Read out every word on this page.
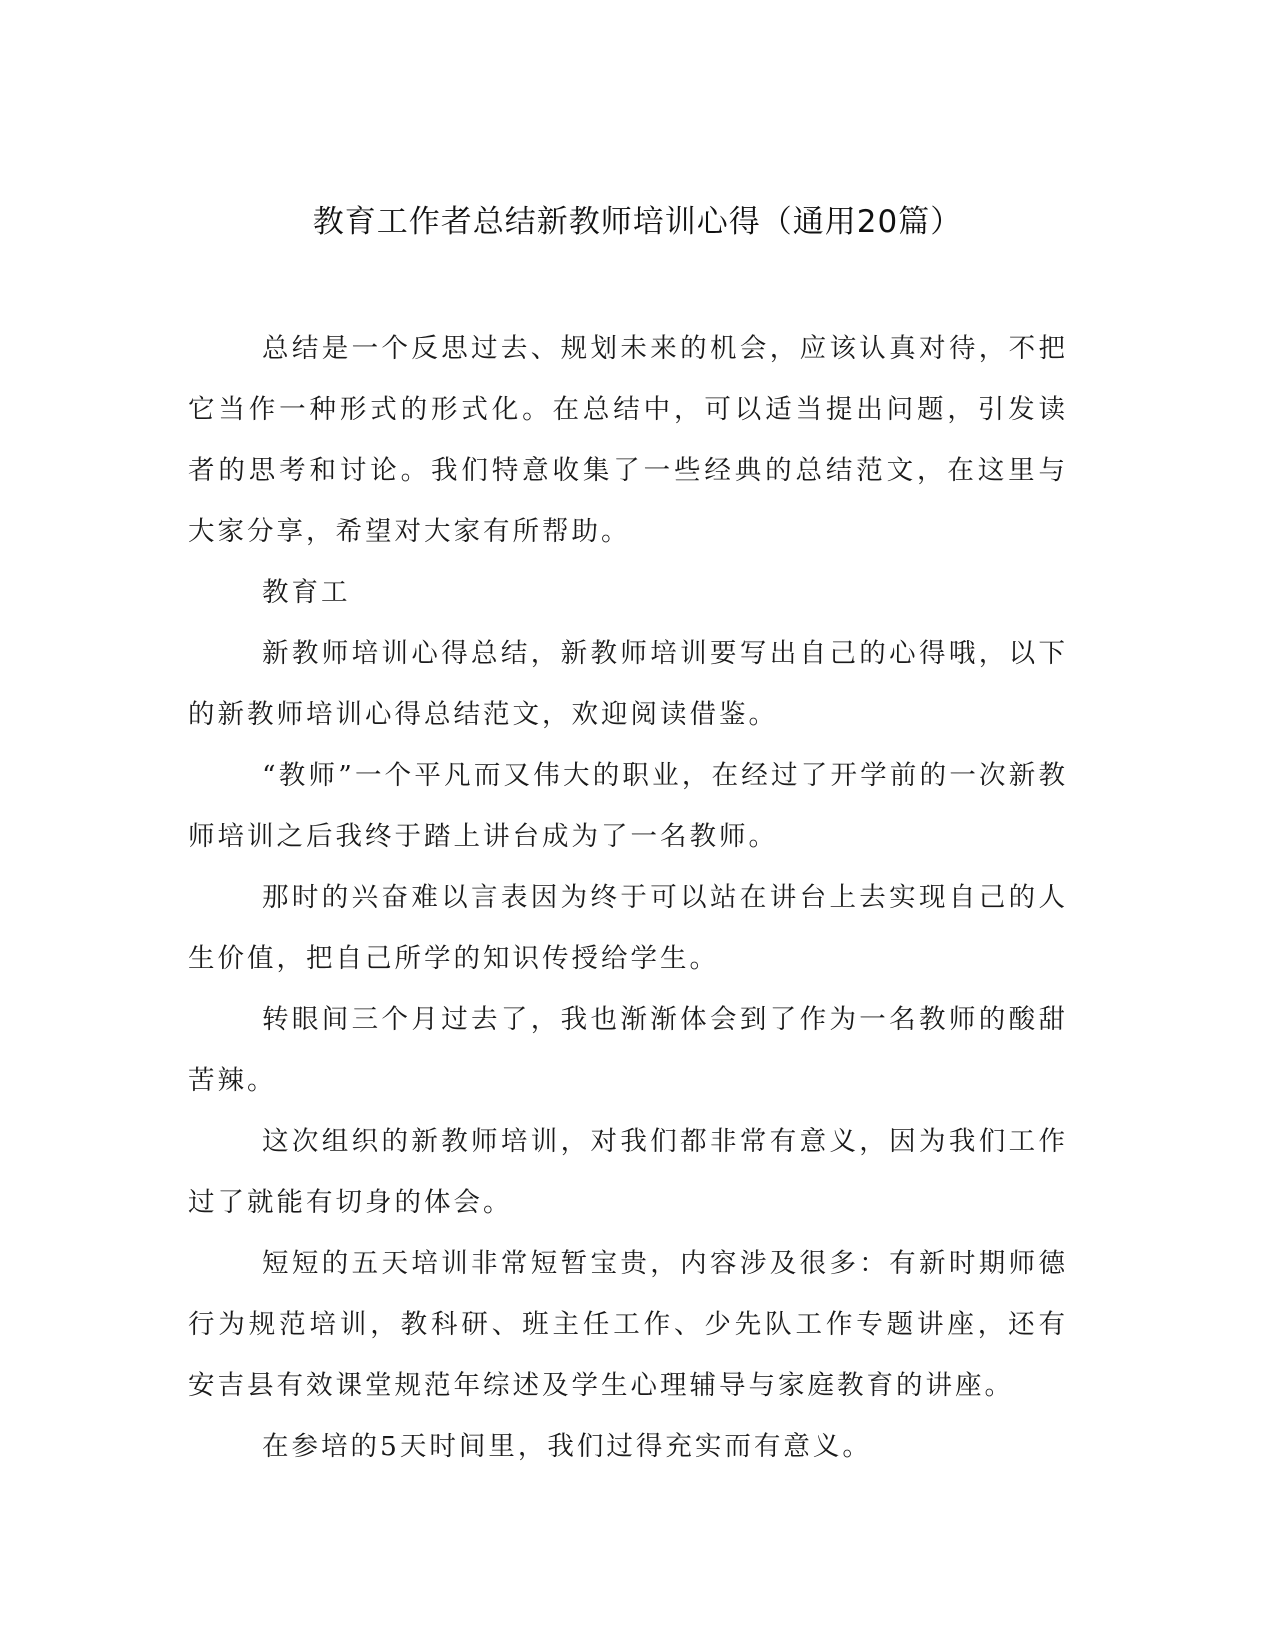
教育工作者总结新教师培训心得（通用20篇）

总结是一个反思过去、规划未来的机会，应该认真对待，不把它当作一种形式的形式化。在总结中，可以适当提出问题，引发读者的思考和讨论。我们特意收集了一些经典的总结范文，在这里与大家分享，希望对大家有所帮助。

教育工

新教师培训心得总结，新教师培训要写出自己的心得哦，以下的新教师培训心得总结范文，欢迎阅读借鉴。

“教师”一个平凡而又伟大的职业，在经过了开学前的一次新教师培训之后我终于踏上讲台成为了一名教师。

那时的兴奋难以言表因为终于可以站在讲台上去实现自己的人生价值，把自己所学的知识传授给学生。

转眼间三个月过去了，我也渐渐体会到了作为一名教师的酸甜苦辣。

这次组织的新教师培训，对我们都非常有意义，因为我们工作过了就能有切身的体会。

短短的五天培训非常短暂宝贵，内容涉及很多：有新时期师德行为规范培训，教科研、班主任工作、少先队工作专题讲座，还有安吉县有效课堂规范年综述及学生心理辅导与家庭教育的讲座。

在参培的5天时间里，我们过得充实而有意义。
